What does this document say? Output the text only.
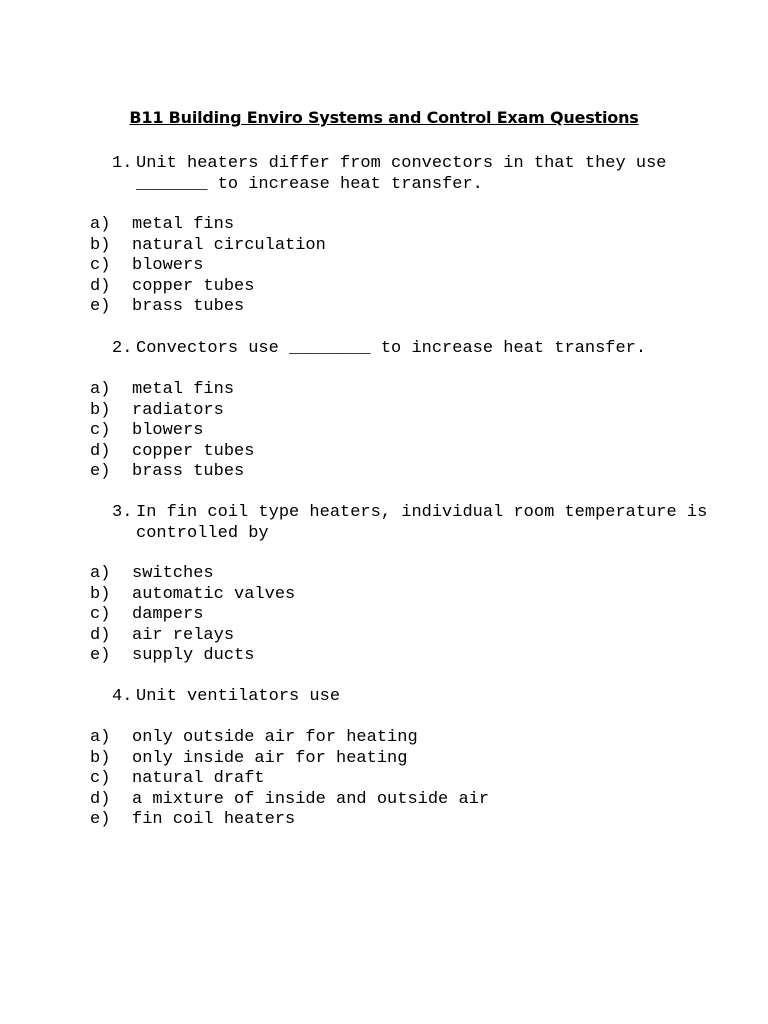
B11 Building Enviro Systems and Control Exam Questions
1. Unit heaters differ from convectors in that they use _______ to increase heat transfer.
a)	metal fins
b)	natural circulation
c)	blowers
d)	copper tubes
e)	brass tubes
2. Convectors use ________ to increase heat transfer.
a)	metal fins
b)	radiators
c)	blowers
d)	copper tubes
e)	brass tubes
3. In fin coil type heaters, individual room temperature is controlled by
a)	switches
b)	automatic valves
c)	dampers
d)	air relays
e)	supply ducts
4. Unit ventilators use
a)	only outside air for heating
b)	only inside air for heating
c)	natural draft
d)	a mixture of inside and outside air
e)	fin coil heaters
